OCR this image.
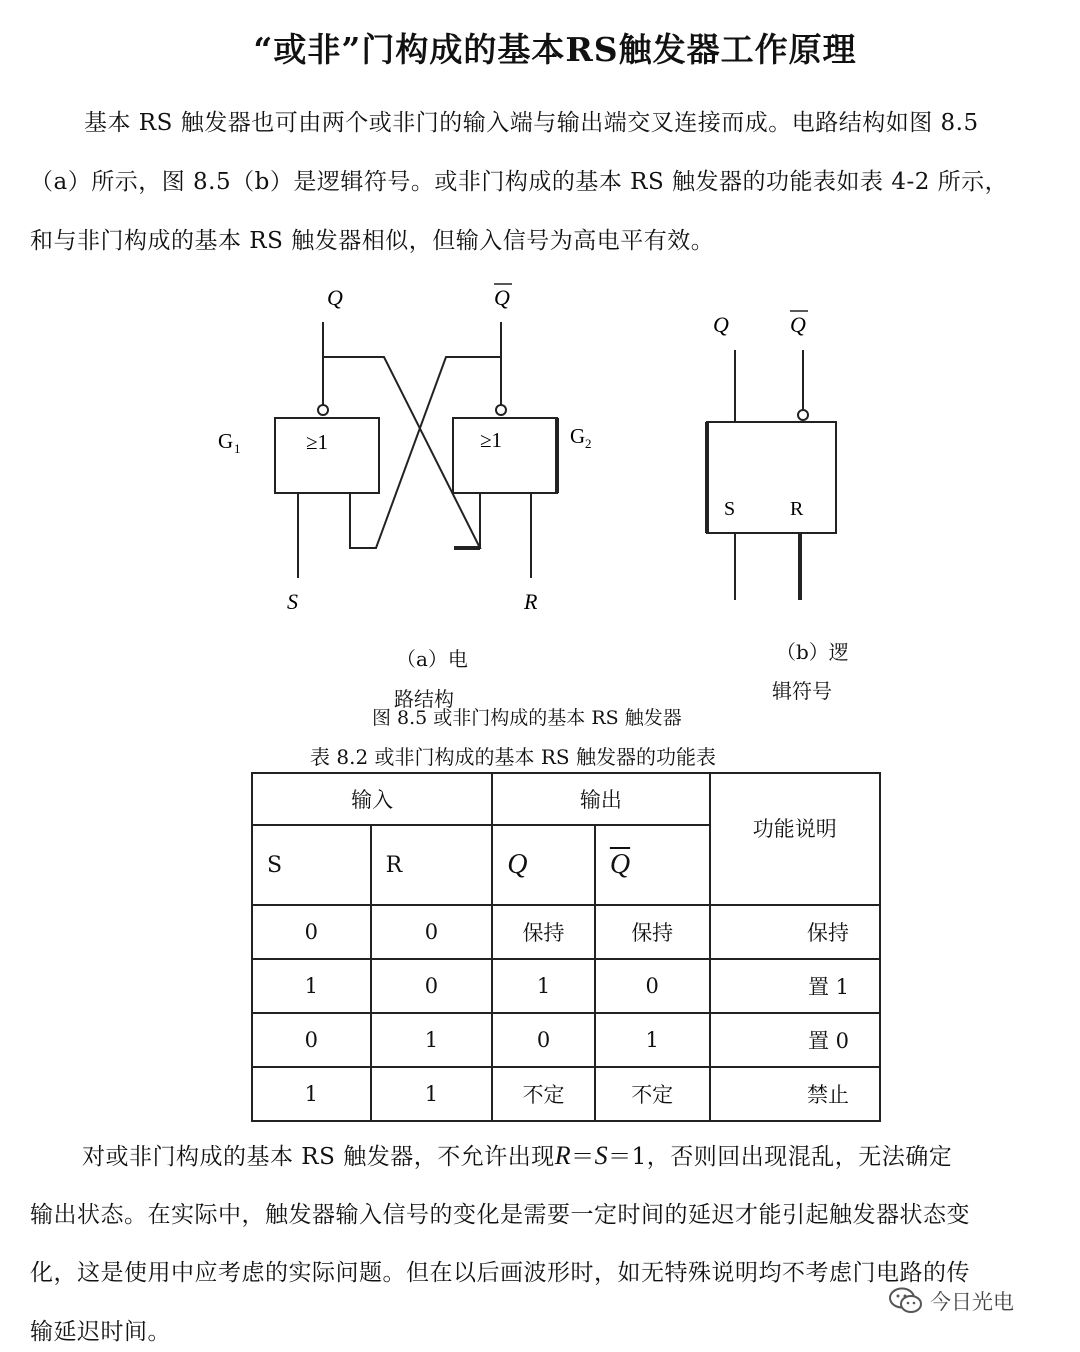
“或非”门构成的基本RS触发器工作原理
基本 RS 触发器也可由两个或非门的输入端与输出端交叉连接而成。电路结构如图 8.5
（a）所示，图 8.5（b）是逻辑符号。或非门构成的基本 RS 触发器的功能表如表 4-2 所示，
和与非门构成的基本 RS 触发器相似，但输入信号为高电平有效。
Q	Q
G 1
G 2
≥1	≥1
S	R
Q	Q
S	R
（a）电
路结构
（b）逻
辑符号
图 8.5 或非门构成的基本 RS 触发器
表 8.2 或非门构成的基本 RS 触发器的功能表
输入		输出		功能说明
S	R	Q	$\overline{Q}$
0	0	保持	保持	保持
1	0	1	0	置 1
0	1	0	1	置 0
1	1	不定	不定	禁止
对或非门构成的基本 RS 触发器，不允许出现R＝S＝1，否则回出现混乱，无法确定
输出状态。在实际中，触发器输入信号的变化是需要一定时间的延迟才能引起触发器状态变
化，这是使用中应考虑的实际问题。但在以后画波形时，如无特殊说明均不考虑门电路的传
输延迟时间。
今日光电
